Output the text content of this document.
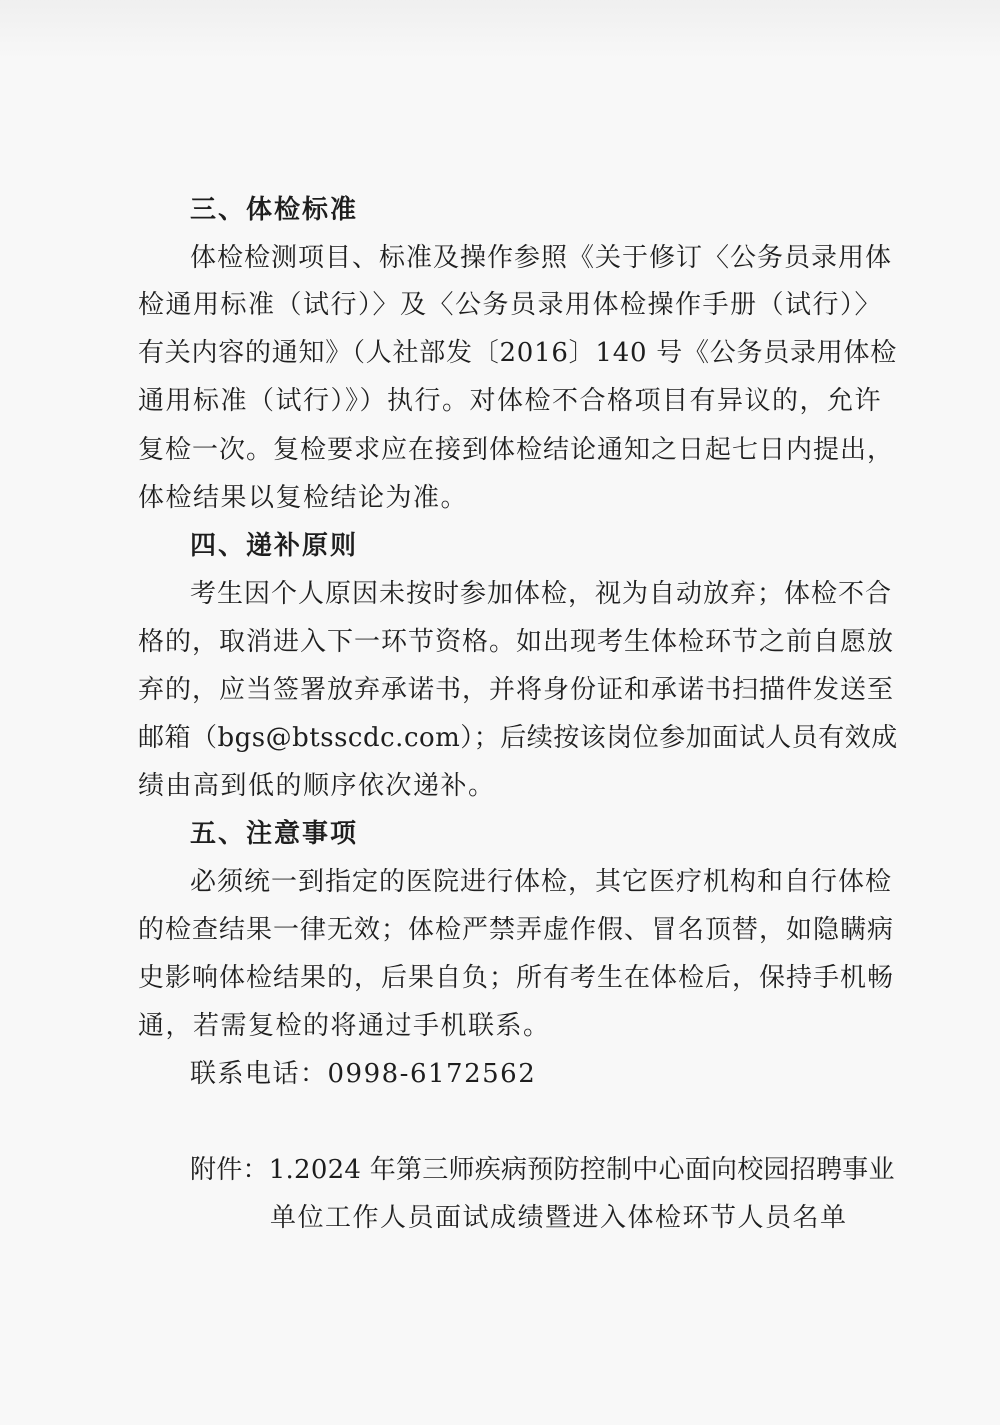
三、体检标准
体检检测项目、标准及操作参照《关于修订〈公务员录用体
检通用标准（试行）〉及〈公务员录用体检操作手册（试行）〉
有关内容的通知》（人社部发〔2016〕140 号《公务员录用体检
通用标准（试行）》）执行。对体检不合格项目有异议的，允许
复检一次。复检要求应在接到体检结论通知之日起七日内提出，
体检结果以复检结论为准。
四、递补原则
考生因个人原因未按时参加体检，视为自动放弃；体检不合
格的，取消进入下一环节资格。如出现考生体检环节之前自愿放
弃的，应当签署放弃承诺书，并将身份证和承诺书扫描件发送至
邮箱（bgs@btsscdc.com）；后续按该岗位参加面试人员有效成
绩由高到低的顺序依次递补。
五、注意事项
必须统一到指定的医院进行体检，其它医疗机构和自行体检
的检查结果一律无效；体检严禁弄虚作假、冒名顶替，如隐瞒病
史影响体检结果的，后果自负；所有考生在体检后，保持手机畅
通，若需复检的将通过手机联系。
联系电话：0998-6172562
附件：1.2024 年第三师疾病预防控制中心面向校园招聘事业
单位工作人员面试成绩暨进入体检环节人员名单
